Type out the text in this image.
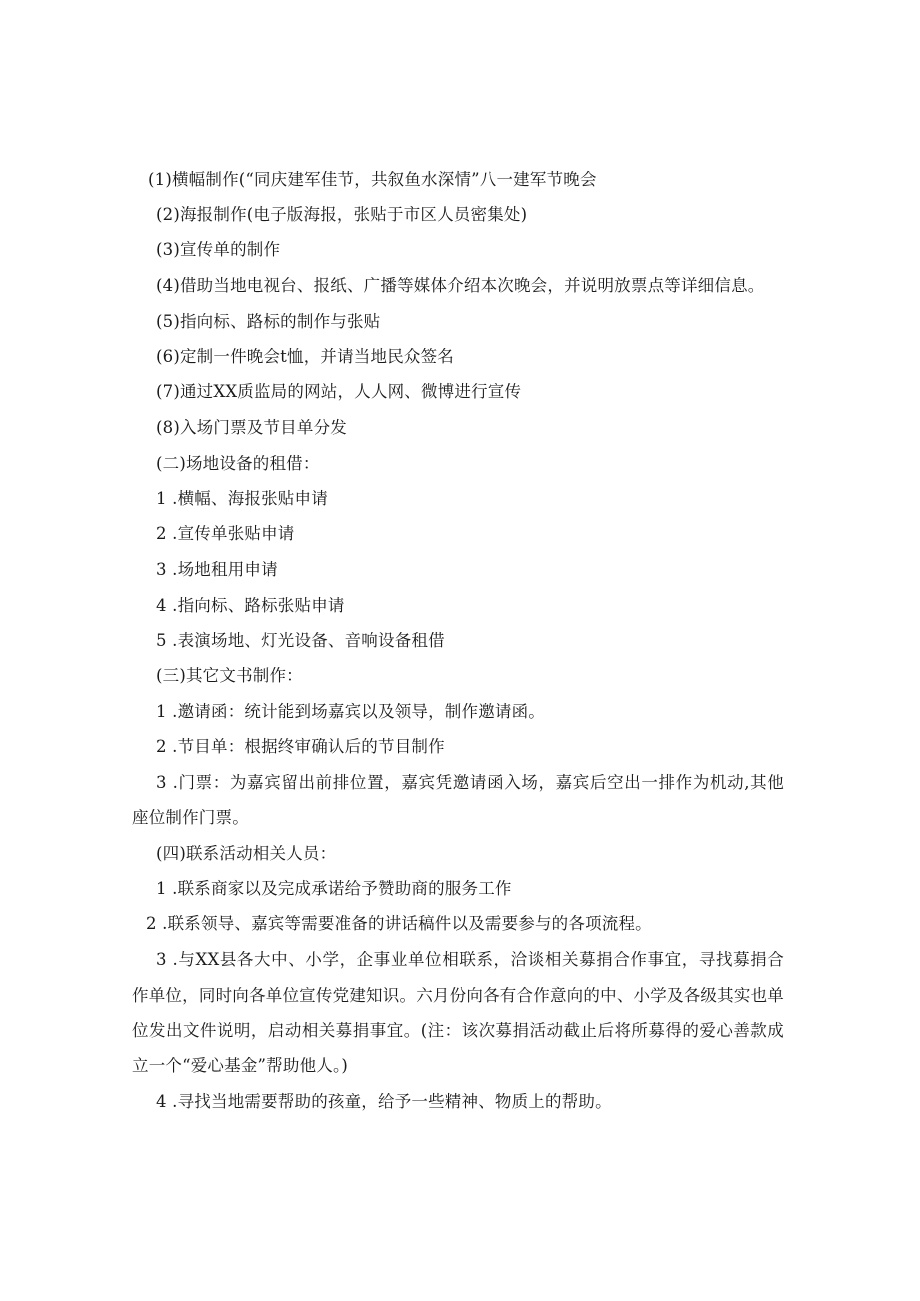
(1)横幅制作(“同庆建军佳节，共叙鱼水深情”八一建军节晚会
(2)海报制作(电子版海报，张贴于市区人员密集处)
(3)宣传单的制作
(4)借助当地电视台、报纸、广播等媒体介绍本次晚会，并说明放票点等详细信息。
(5)指向标、路标的制作与张贴
(6)定制一件晚会t恤，并请当地民众签名
(7)通过XX质监局的网站，人人网、微博进行宣传
(8)入场门票及节目单分发
(二)场地设备的租借：
1 .横幅、海报张贴申请
2 .宣传单张贴申请
3 .场地租用申请
4 .指向标、路标张贴申请
5 .表演场地、灯光设备、音响设备租借
(三)其它文书制作：
1 .邀请函：统计能到场嘉宾以及领导，制作邀请函。
2 .节目单：根据终审确认后的节目制作
3 .门票：为嘉宾留出前排位置，嘉宾凭邀请函入场，嘉宾后空出一排作为机动,其他
座位制作门票。
(四)联系活动相关人员：
1 .联系商家以及完成承诺给予赞助商的服务工作
2 .联系领导、嘉宾等需要准备的讲话稿件以及需要参与的各项流程。
3 .与XX县各大中、小学，企事业单位相联系，洽谈相关募捐合作事宜，寻找募捐合
作单位，同时向各单位宣传党建知识。六月份向各有合作意向的中、小学及各级其实也单
位发出文件说明，启动相关募捐事宜。(注：该次募捐活动截止后将所募得的爱心善款成
立一个“爱心基金”帮助他人。)
4 .寻找当地需要帮助的孩童，给予一些精神、物质上的帮助。
